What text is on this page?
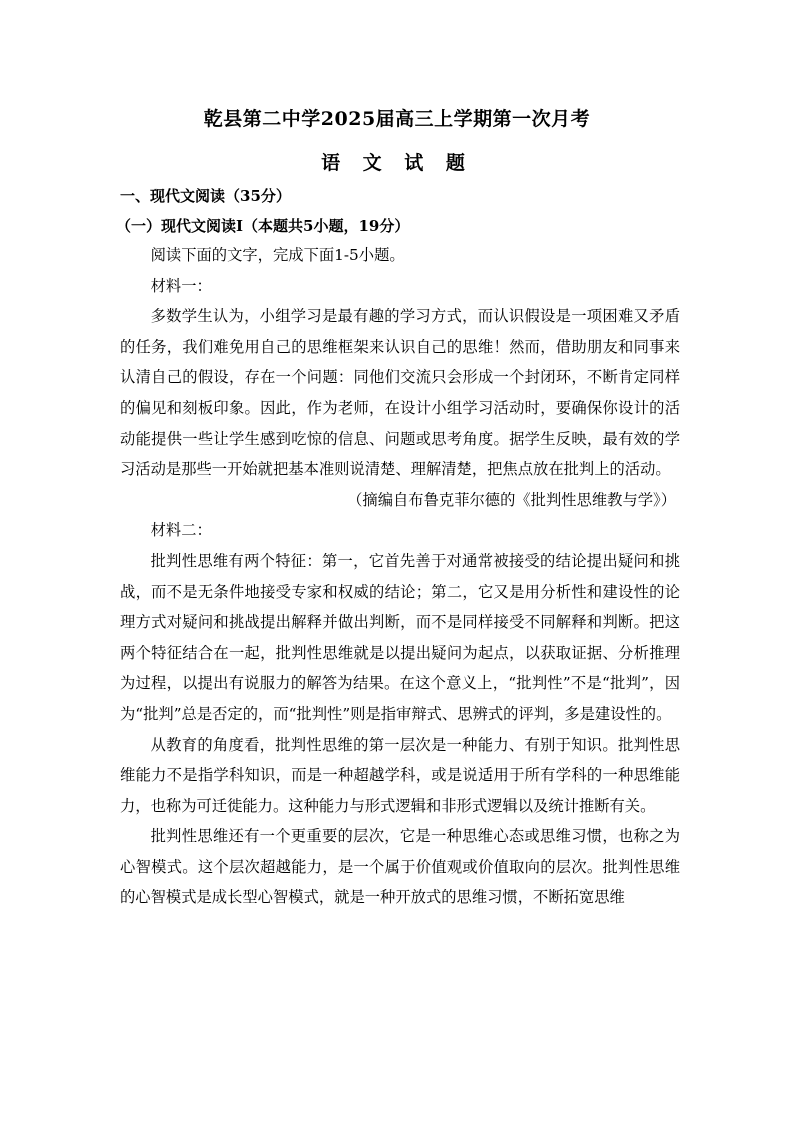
乾县第二中学2025届高三上学期第一次月考
语 文 试 题
一、现代文阅读（35分）
（一）现代文阅读Ⅰ（本题共5小题，19分）

阅读下面的文字，完成下面1-5小题。

材料一：

多数学生认为，小组学习是最有趣的学习方式，而认识假设是一项困难又矛盾的任务，我们难免用自己的思维框架来认识自己的思维！然而，借助朋友和同事来认清自己的假设，存在一个问题：同他们交流只会形成一个封闭环，不断肯定同样的偏见和刻板印象。因此，作为老师，在设计小组学习活动时，要确保你设计的活动能提供一些让学生感到吃惊的信息、问题或思考角度。据学生反映，最有效的学习活动是那些一开始就把基本准则说清楚、理解清楚，把焦点放在批判上的活动。

（摘编自布鲁克菲尔德的《批判性思维教与学》）

材料二：

批判性思维有两个特征：第一，它首先善于对通常被接受的结论提出疑问和挑战，而不是无条件地接受专家和权威的结论；第二，它又是用分析性和建设性的论理方式对疑问和挑战提出解释并做出判断，而不是同样接受不同解释和判断。把这两个特征结合在一起，批判性思维就是以提出疑问为起点，以获取证据、分析推理为过程，以提出有说服力的解答为结果。在这个意义上，“批判性”不是“批判”，因为“批判”总是否定的，而“批判性”则是指审辩式、思辨式的评判，多是建设性的。

从教育的角度看，批判性思维的第一层次是一种能力、有别于知识。批判性思维能力不是指学科知识，而是一种超越学科，或是说适用于所有学科的一种思维能力，也称为可迁徙能力。这种能力与形式逻辑和非形式逻辑以及统计推断有关。

批判性思维还有一个更重要的层次，它是一种思维心态或思维习惯，也称之为心智模式。这个层次超越能力，是一个属于价值观或价值取向的层次。批判性思维的心智模式是成长型心智模式，就是一种开放式的思维习惯，不断拓宽思维
